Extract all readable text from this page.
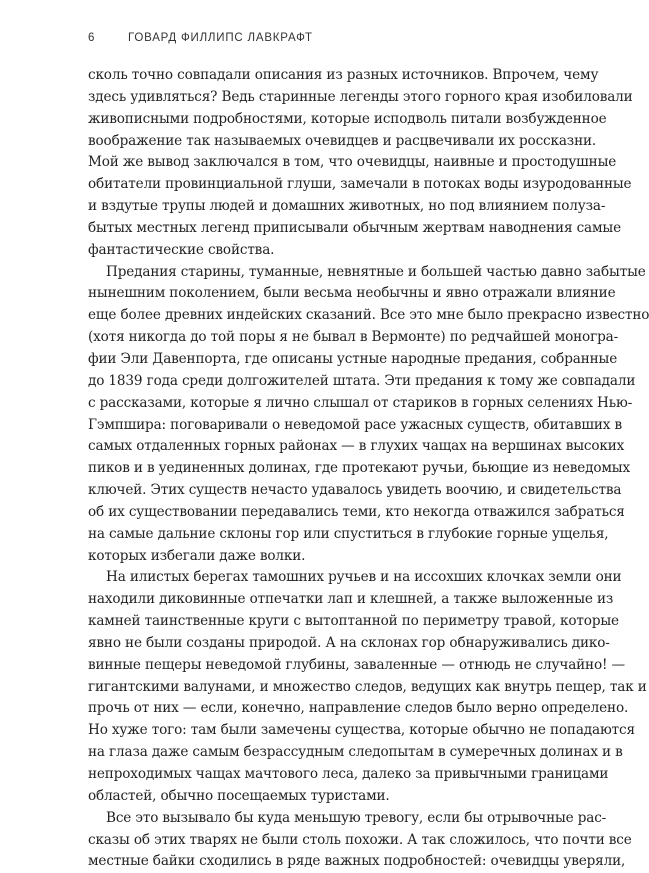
6	ГОВАРД ФИЛЛИПС ЛАВКРАФТ
сколь точно совпадали описания из разных источников. Впрочем, чему
здесь удивляться? Ведь старинные легенды этого горного края изобиловали
живописными подробностями, которые исподволь питали возбужденное
воображение так называемых очевидцев и расцвечивали их россказни.
Мой же вывод заключался в том, что очевидцы, наивные и простодушные
обитатели провинциальной глуши, замечали в потоках воды изуродованные
и вздутые трупы людей и домашних животных, но под влиянием полуза-
бытых местных легенд приписывали обычным жертвам наводнения самые
фантастические свойства.
Предания старины, туманные, невнятные и большей частью давно забытые
нынешним поколением, были весьма необычны и явно отражали влияние
еще более древних индейских сказаний. Все это мне было прекрасно известно
(хотя никогда до той поры я не бывал в Вермонте) по редчайшей моногра-
фии Эли Давенпорта, где описаны устные народные предания, собранные
до 1839 года среди долгожителей штата. Эти предания к тому же совпадали
с рассказами, которые я лично слышал от стариков в горных селениях Нью-
Гэмпшира: поговаривали о неведомой расе ужасных существ, обитавших в
самых отдаленных горных районах — в глухих чащах на вершинах высоких
пиков и в уединенных долинах, где протекают ручьи, бьющие из неведомых
ключей. Этих существ нечасто удавалось увидеть воочию, и свидетельства
об их существовании передавались теми, кто некогда отважился забраться
на самые дальние склоны гор или спуститься в глубокие горные ущелья,
которых избегали даже волки.
На илистых берегах тамошних ручьев и на иссохших клочках земли они
находили диковинные отпечатки лап и клешней, а также выложенные из
камней таинственные круги с вытоптанной по периметру травой, которые
явно не были созданы природой. А на склонах гор обнаруживались дико-
винные пещеры неведомой глубины, заваленные — отнюдь не случайно! —
гигантскими валунами, и множество следов, ведущих как внутрь пещер, так и
прочь от них — если, конечно, направление следов было верно определено.
Но хуже того: там были замечены существа, которые обычно не попадаются
на глаза даже самым безрассудным следопытам в сумеречных долинах и в
непроходимых чащах мачтового леса, далеко за привычными границами
областей, обычно посещаемых туристами.
Все это вызывало бы куда меньшую тревогу, если бы отрывочные рас-
сказы об этих тварях не были столь похожи. А так сложилось, что почти все
местные байки сходились в ряде важных подробностей: очевидцы уверяли,
